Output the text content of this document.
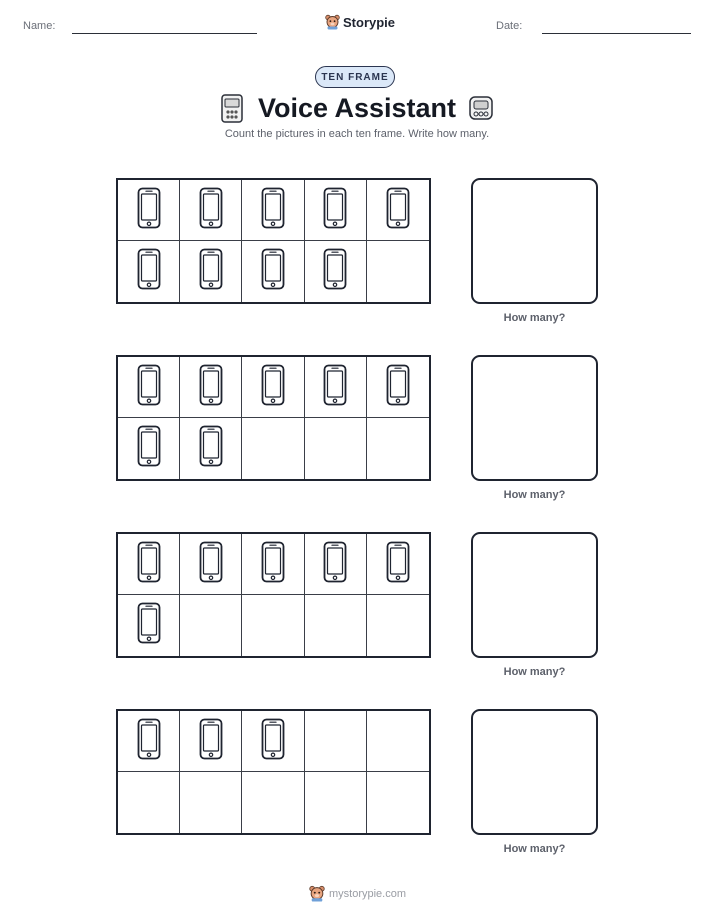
Name:	Storypie	Date:
TEN FRAME
Voice Assistant
Count the pictures in each ten frame. Write how many.
How many?
How many?
How many?
How many?
mystorypie.com
